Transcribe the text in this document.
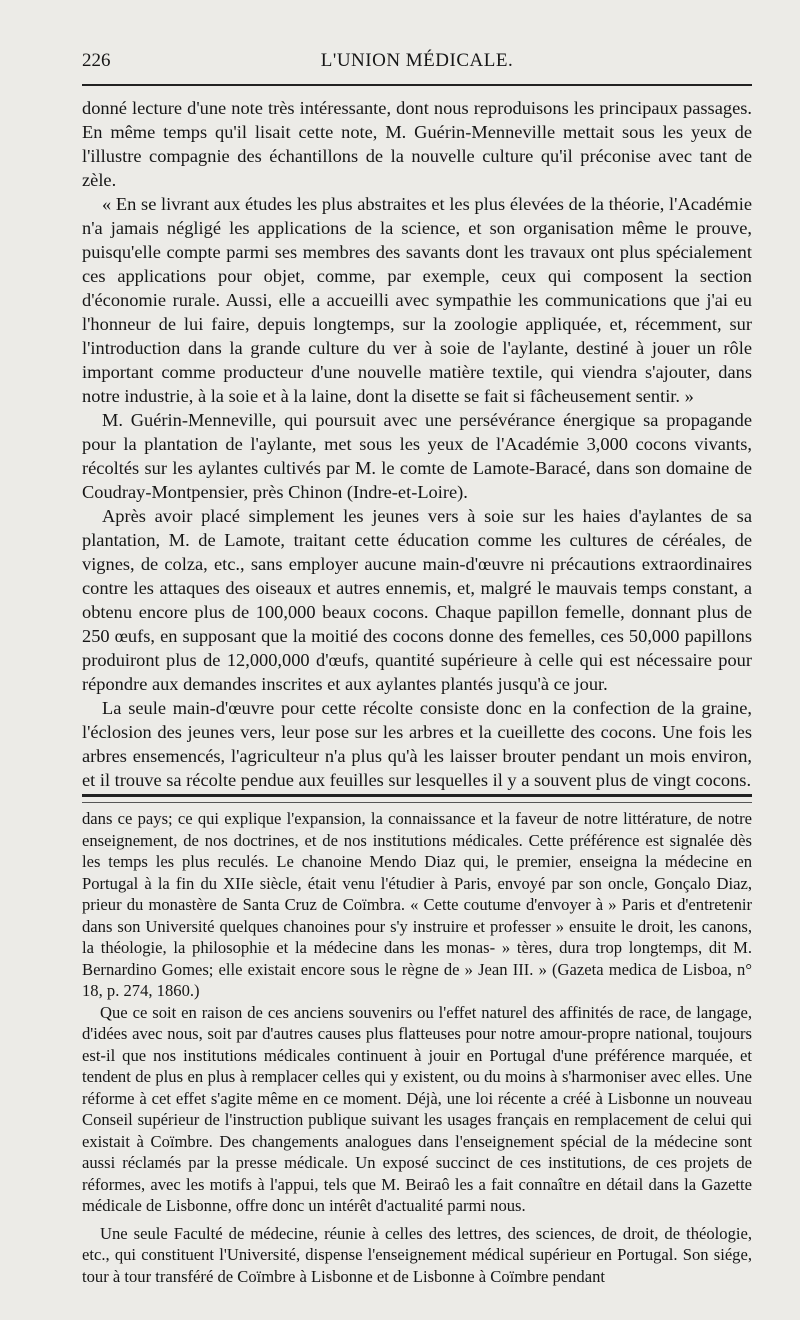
226	L'UNION MÉDICALE.

donné lecture d'une note très intéressante, dont nous reproduisons les principaux passages. En même temps qu'il lisait cette note, M. Guérin-Menneville mettait sous les yeux de l'illustre compagnie des échantillons de la nouvelle culture qu'il préconise avec tant de zèle.

« En se livrant aux études les plus abstraites et les plus élevées de la théorie, l'Académie n'a jamais négligé les applications de la science, et son organisation même le prouve, puisqu'elle compte parmi ses membres des savants dont les travaux ont plus spécialement ces applications pour objet, comme, par exemple, ceux qui composent la section d'économie rurale. Aussi, elle a accueilli avec sympathie les communications que j'ai eu l'honneur de lui faire, depuis longtemps, sur la zoologie appliquée, et, récemment, sur l'introduction dans la grande culture du ver à soie de l'aylante, destiné à jouer un rôle important comme producteur d'une nouvelle matière textile, qui viendra s'ajouter, dans notre industrie, à la soie et à la laine, dont la disette se fait si fâcheusement sentir. »

M. Guérin-Menneville, qui poursuit avec une persévérance énergique sa propagande pour la plantation de l'aylante, met sous les yeux de l'Académie 3,000 cocons vivants, récoltés sur les aylantes cultivés par M. le comte de Lamote-Baracé, dans son domaine de Coudray-Montpensier, près Chinon (Indre-et-Loire).

Après avoir placé simplement les jeunes vers à soie sur les haies d'aylantes de sa plantation, M. de Lamote, traitant cette éducation comme les cultures de céréales, de vignes, de colza, etc., sans employer aucune main-d'œuvre ni précautions extraordinaires contre les attaques des oiseaux et autres ennemis, et, malgré le mauvais temps constant, a obtenu encore plus de 100,000 beaux cocons. Chaque papillon femelle, donnant plus de 250 œufs, en supposant que la moitié des cocons donne des femelles, ces 50,000 papillons produiront plus de 12,000,000 d'œufs, quantité supérieure à celle qui est nécessaire pour répondre aux demandes inscrites et aux aylantes plantés jusqu'à ce jour.

La seule main-d'œuvre pour cette récolte consiste donc en la confection de la graine, l'éclosion des jeunes vers, leur pose sur les arbres et la cueillette des cocons. Une fois les arbres ensemencés, l'agriculteur n'a plus qu'à les laisser brouter pendant un mois environ, et il trouve sa récolte pendue aux feuilles sur lesquelles il y a souvent plus de vingt cocons.

dans ce pays; ce qui explique l'expansion, la connaissance et la faveur de notre littérature, de notre enseignement, de nos doctrines, et de nos institutions médicales. Cette préférence est signalée dès les temps les plus reculés. Le chanoine Mendo Diaz qui, le premier, enseigna la médecine en Portugal à la fin du XIIe siècle, était venu l'étudier à Paris, envoyé par son oncle, Gonçalo Diaz, prieur du monastère de Santa Cruz de Coïmbra. « Cette coutume d'envoyer à » Paris et d'entretenir dans son Université quelques chanoines pour s'y instruire et professer » ensuite le droit, les canons, la théologie, la philosophie et la médecine dans les monas- » tères, dura trop longtemps, dit M. Bernardino Gomes; elle existait encore sous le règne de » Jean III. » (Gazeta medica de Lisboa, n° 18, p. 274, 1860.)

Que ce soit en raison de ces anciens souvenirs ou l'effet naturel des affinités de race, de langage, d'idées avec nous, soit par d'autres causes plus flatteuses pour notre amour-propre national, toujours est-il que nos institutions médicales continuent à jouir en Portugal d'une préférence marquée, et tendent de plus en plus à remplacer celles qui y existent, ou du moins à s'harmoniser avec elles. Une réforme à cet effet s'agite même en ce moment. Déjà, une loi récente a créé à Lisbonne un nouveau Conseil supérieur de l'instruction publique suivant les usages français en remplacement de celui qui existait à Coïmbre. Des changements analogues dans l'enseignement spécial de la médecine sont aussi réclamés par la presse médicale. Un exposé succinct de ces institutions, de ces projets de réformes, avec les motifs à l'appui, tels que M. Beiraô les a fait connaître en détail dans la Gazette médicale de Lisbonne, offre donc un intérêt d'actualité parmi nous.

Une seule Faculté de médecine, réunie à celles des lettres, des sciences, de droit, de théologie, etc., qui constituent l'Université, dispense l'enseignement médical supérieur en Portugal. Son siége, tour à tour transféré de Coïmbre à Lisbonne et de Lisbonne à Coïmbre pendant
